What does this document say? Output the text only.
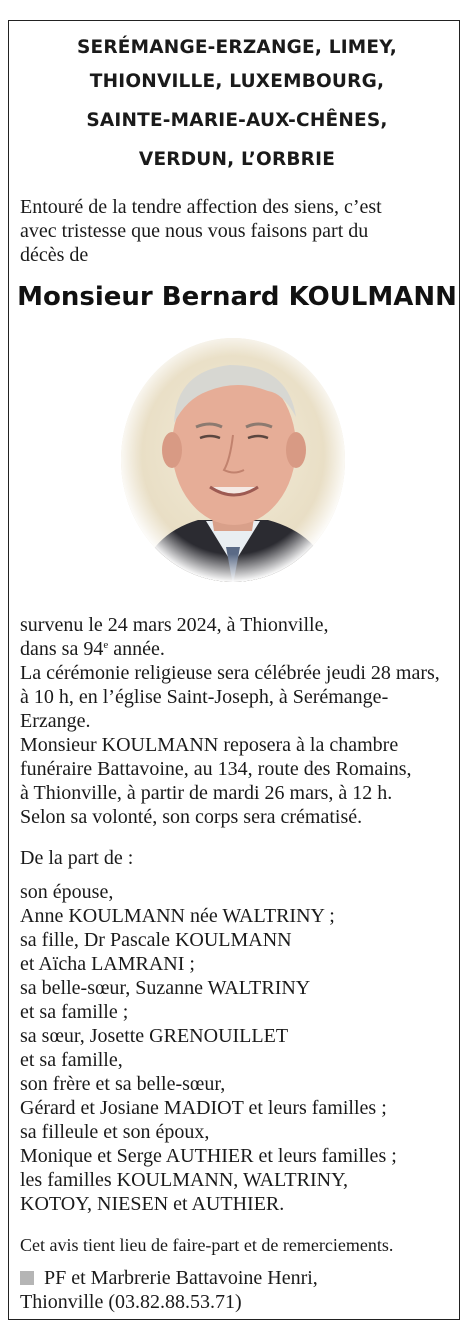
SERÉMANGE-ERZANGE, LIMEY,
THIONVILLE, LUXEMBOURG,
SAINTE-MARIE-AUX-CHÊNES,
VERDUN, L’ORBRIE
Entouré de la tendre affection des siens, c’est
avec tristesse que nous vous faisons part du
décès de
Monsieur Bernard KOULMANN
survenu le 24 mars 2024, à Thionville,
dans sa 94e année.
La cérémonie religieuse sera célébrée jeudi 28 mars,
à 10 h, en l’église Saint-Joseph, à Serémange-
Erzange.
Monsieur KOULMANN reposera à la chambre
funéraire Battavoine, au 134, route des Romains,
à Thionville, à partir de mardi 26 mars, à 12 h.
Selon sa volonté, son corps sera crématisé.
De la part de :
son épouse,
Anne KOULMANN née WALTRINY ;
sa fille, Dr Pascale KOULMANN
et Aïcha LAMRANI ;
sa belle-sœur, Suzanne WALTRINY
et sa famille ;
sa sœur, Josette GRENOUILLET
et sa famille,
son frère et sa belle-sœur,
Gérard et Josiane MADIOT et leurs familles ;
sa filleule et son époux,
Monique et Serge AUTHIER et leurs familles ;
les familles KOULMANN, WALTRINY,
KOTOY, NIESEN et AUTHIER.
Cet avis tient lieu de faire-part et de remerciements.
PF et Marbrerie Battavoine Henri,
Thionville (03.82.88.53.71)
